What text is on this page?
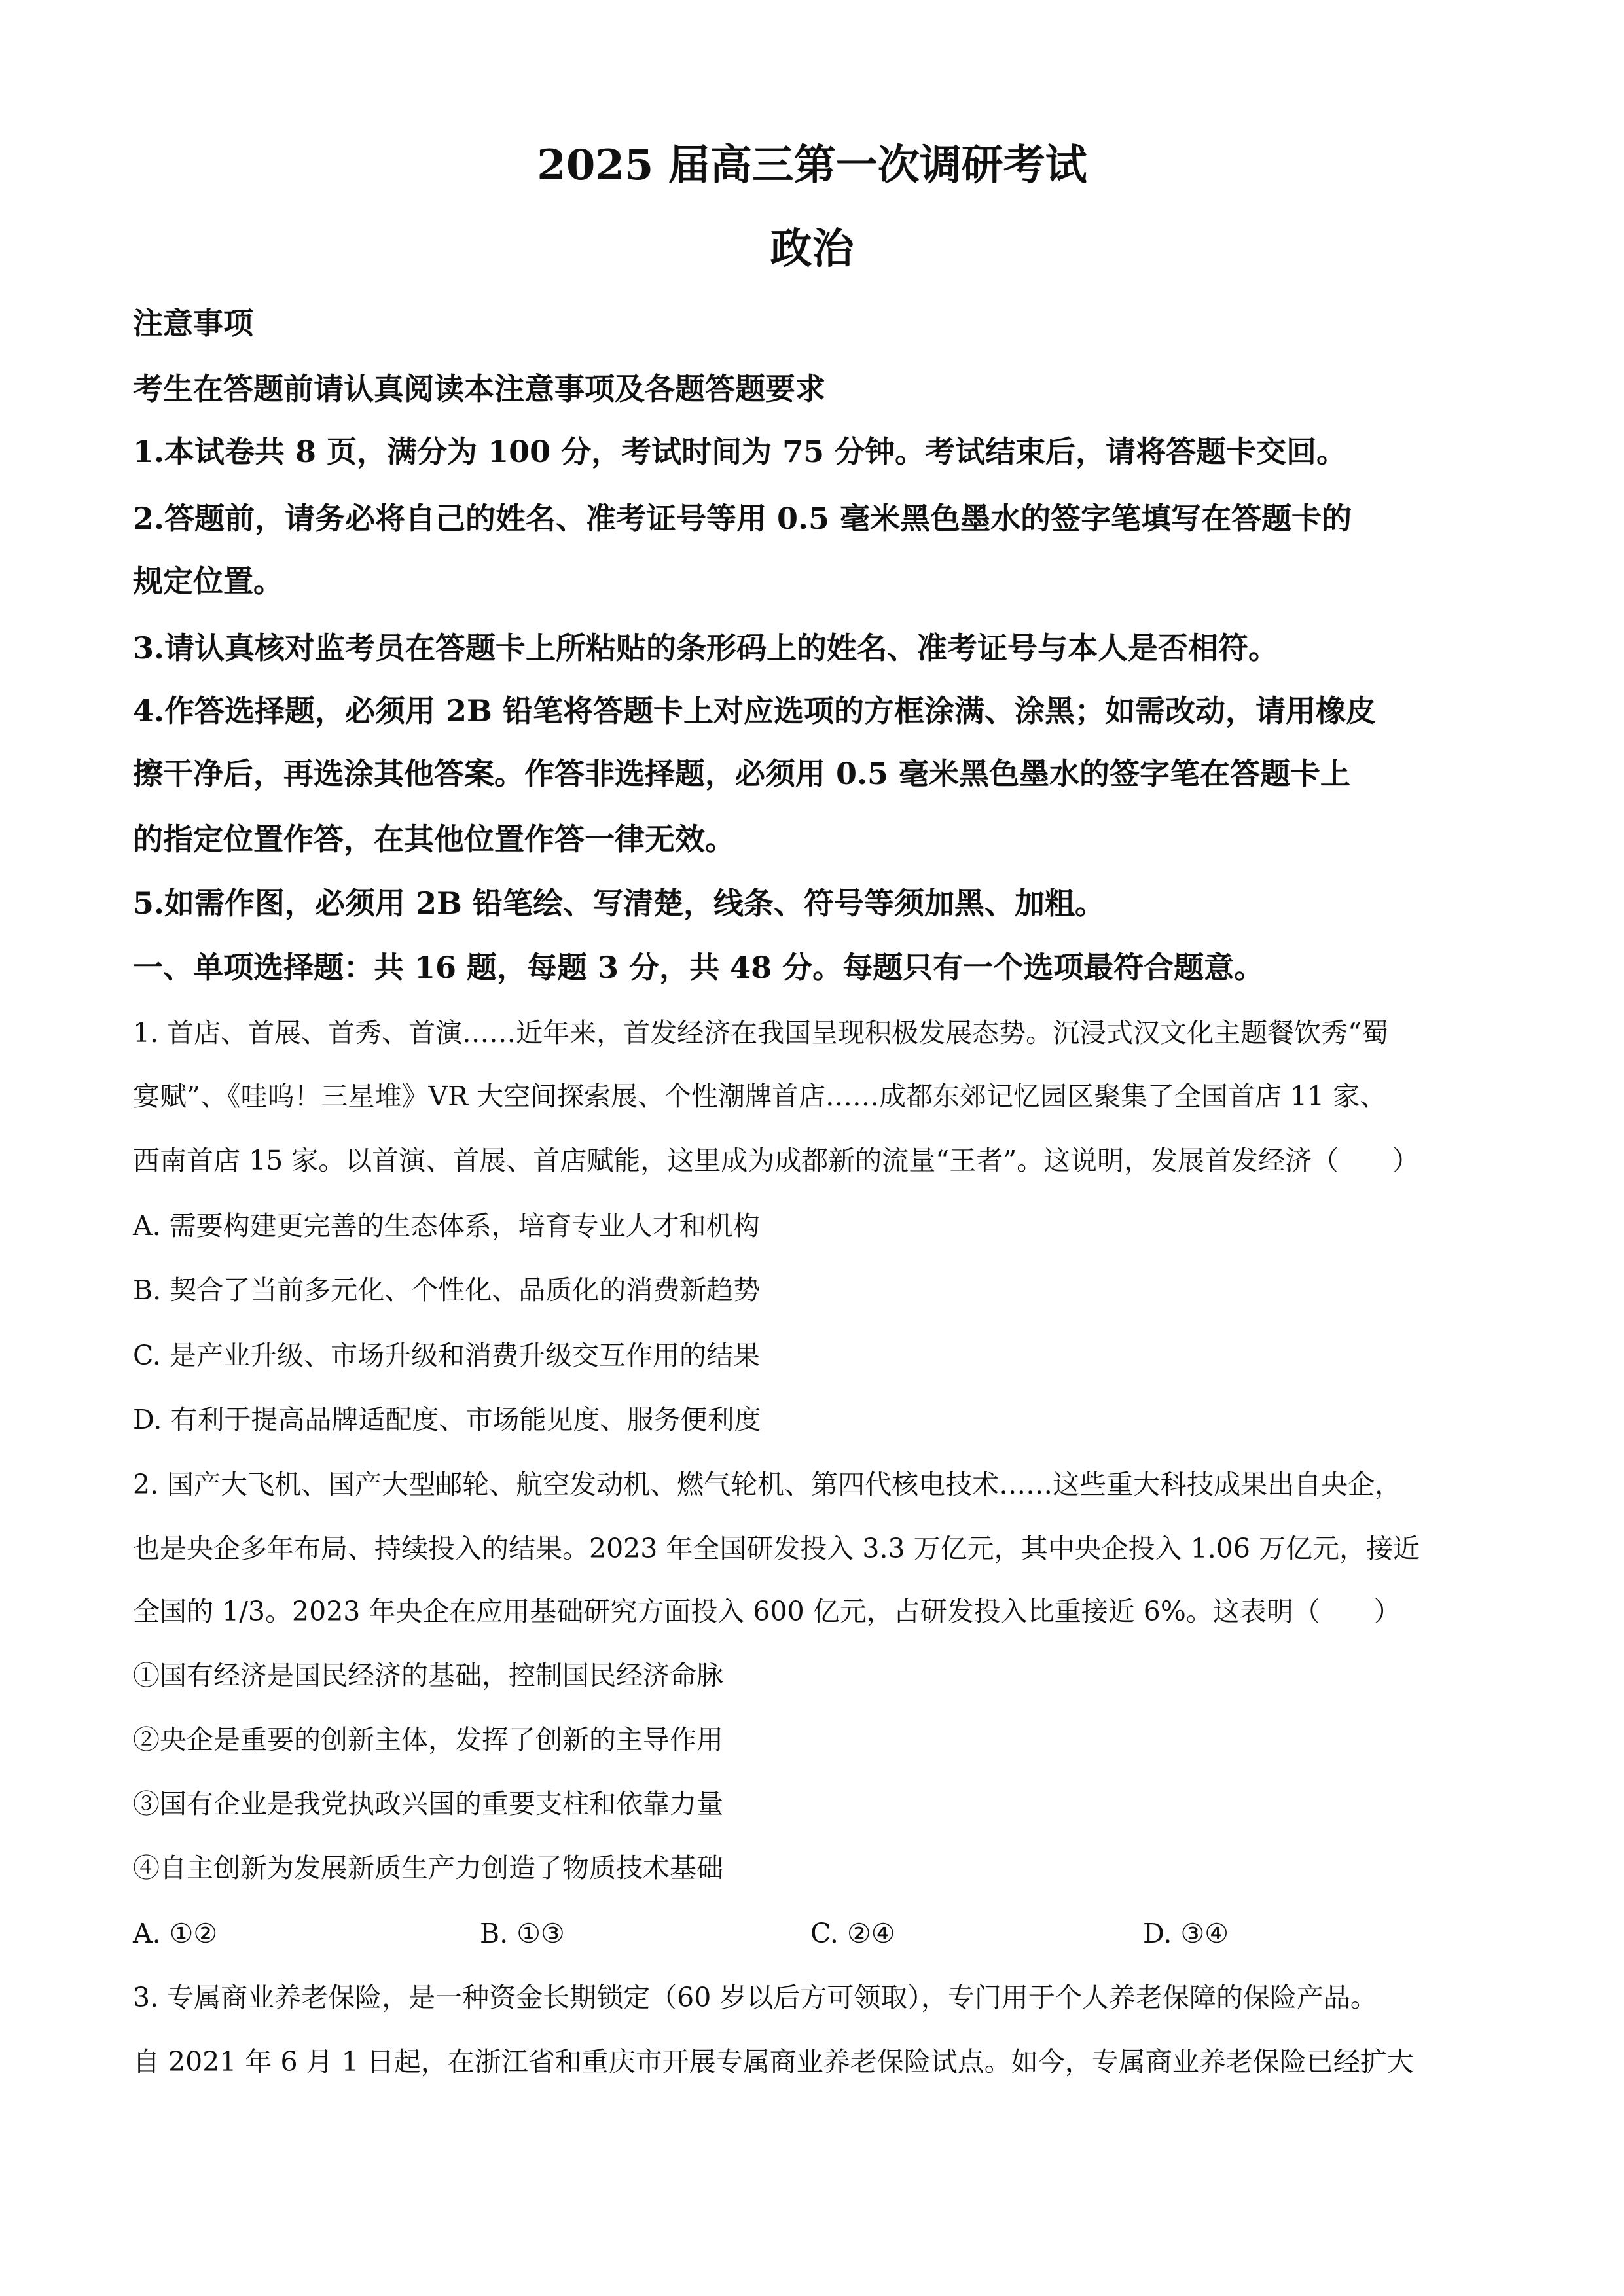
2025 届高三第一次调研考试
政治
注意事项
考生在答题前请认真阅读本注意事项及各题答题要求
1.本试卷共 8 页，满分为 100 分，考试时间为 75 分钟。考试结束后，请将答题卡交回。
2.答题前，请务必将自己的姓名、准考证号等用 0.5 毫米黑色墨水的签字笔填写在答题卡的
规定位置。
3.请认真核对监考员在答题卡上所粘贴的条形码上的姓名、准考证号与本人是否相符。
4.作答选择题，必须用 2B 铅笔将答题卡上对应选项的方框涂满、涂黑；如需改动，请用橡皮
擦干净后，再选涂其他答案。作答非选择题，必须用 0.5 毫米黑色墨水的签字笔在答题卡上
的指定位置作答，在其他位置作答一律无效。
5.如需作图，必须用 2B 铅笔绘、写清楚，线条、符号等须加黑、加粗。
一、单项选择题：共 16 题，每题 3 分，共 48 分。每题只有一个选项最符合题意。
1. 首店、首展、首秀、首演……近年来，首发经济在我国呈现积极发展态势。沉浸式汉文化主题餐饮秀“蜀
宴赋”、《哇呜！三星堆》VR 大空间探索展、个性潮牌首店……成都东郊记忆园区聚集了全国首店 11 家、
西南首店 15 家。以首演、首展、首店赋能，这里成为成都新的流量“王者”。这说明，发展首发经济（　　）
A. 需要构建更完善的生态体系，培育专业人才和机构
B. 契合了当前多元化、个性化、品质化的消费新趋势
C. 是产业升级、市场升级和消费升级交互作用的结果
D. 有利于提高品牌适配度、市场能见度、服务便利度
2. 国产大飞机、国产大型邮轮、航空发动机、燃气轮机、第四代核电技术……这些重大科技成果出自央企，
也是央企多年布局、持续投入的结果。2023 年全国研发投入 3.3 万亿元，其中央企投入 1.06 万亿元，接近
全国的 1/3。2023 年央企在应用基础研究方面投入 600 亿元，占研发投入比重接近 6%。这表明（　　）
①国有经济是国民经济的基础，控制国民经济命脉
②央企是重要的创新主体，发挥了创新的主导作用
③国有企业是我党执政兴国的重要支柱和依靠力量
④自主创新为发展新质生产力创造了物质技术基础
A. ①②	B. ①③	C. ②④	D. ③④
3. 专属商业养老保险，是一种资金长期锁定（60 岁以后方可领取），专门用于个人养老保障的保险产品。
自 2021 年 6 月 1 日起，在浙江省和重庆市开展专属商业养老保险试点。如今，专属商业养老保险已经扩大
